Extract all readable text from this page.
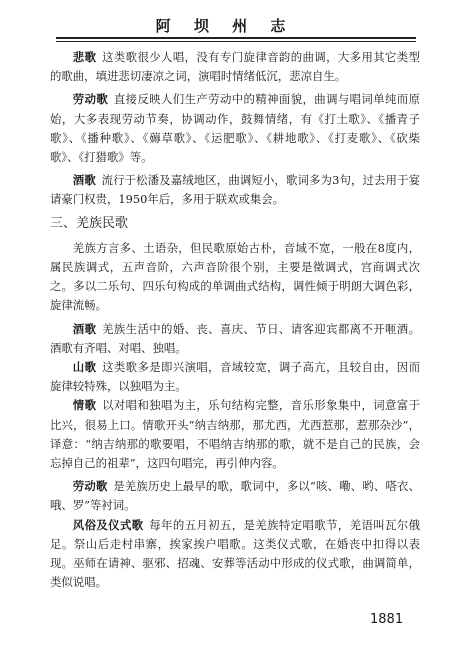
阿 坝 州 志

悲歌 这类歌很少人唱，没有专门旋律音韵的曲调，大多用其它类型的歌曲，填进悲切凄凉之词，演唱时情绪低沉，悲凉自生。

劳动歌 直接反映人们生产劳动中的精神面貌，曲调与唱词单纯而原始，大多表现劳动节奏，协调动作，鼓舞情绪，有《打土歌》、《播青子歌》、《播种歌》、《薅草歌》、《运肥歌》、《耕地歌》、《打麦歌》、《砍柴歌》、《打猎歌》等。

酒歌 流行于松潘及嘉绒地区，曲调短小，歌词多为3句，过去用于宴请豪门权贵，1950年后，多用于联欢或集会。

三、羌族民歌

羌族方言多、土语杂，但民歌原始古朴，音域不宽，一般在8度内，属民族调式，五声音阶，六声音阶很个别，主要是徵调式，宫商调式次之。多以二乐句、四乐句构成的单调曲式结构，调性倾于明朗大调色彩，旋律流畅。

酒歌 羌族生活中的婚、丧、喜庆、节日、请客迎宾都离不开咂酒。酒歌有齐唱、对唱、独唱。

山歌 这类歌多是即兴演唱，音域较宽，调子高亢，且较自由，因而旋律较特殊，以独唱为主。

情歌 以对唱和独唱为主，乐句结构完整，音乐形象集中，词意富于比兴，很易上口。情歌开头“纳吉纳那，那尤西，尤西惹那，惹那杂沙”，译意：“纳吉纳那的歌要唱，不唱纳吉纳那的歌，就不是自己的民族，会忘掉自己的祖辈”，这四句唱完，再引伸内容。

劳动歌 是羌族历史上最早的歌，歌词中，多以“咳、嘞、哟、嗒衣、哦、罗”等衬词。

风俗及仪式歌 每年的五月初五，是羌族特定唱歌节，羌语叫瓦尔俄足。祭山后走村串寨，挨家挨户唱歌。这类仪式歌，在婚丧中扣得以表现。巫师在请神、驱邪、招魂、安葬等活动中形成的仪式歌，曲调简单，类似说唱。

1881
